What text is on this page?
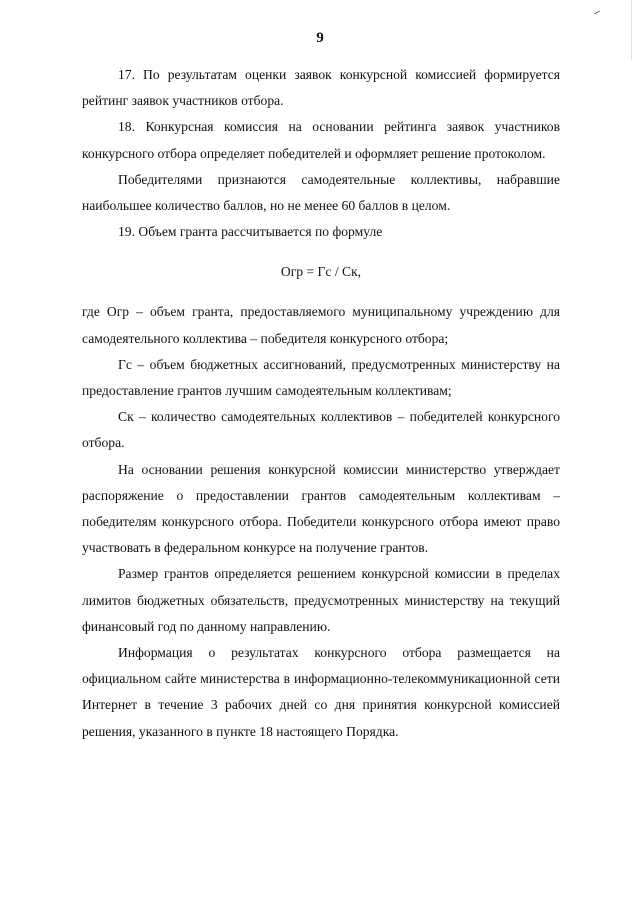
9

17. По результатам оценки заявок конкурсной комиссией формируется рейтинг заявок участников отбора.

18. Конкурсная комиссия на основании рейтинга заявок участников конкурсного отбора определяет победителей и оформляет решение протоколом.

Победителями признаются самодеятельные коллективы, набравшие наибольшее количество баллов, но не менее 60 баллов в целом.

19. Объем гранта рассчитывается по формуле

Огр = Гс / Ск,

где Огр – объем гранта, предоставляемого муниципальному учреждению для самодеятельного коллектива – победителя конкурсного отбора;

Гс – объем бюджетных ассигнований, предусмотренных министерству на предоставление грантов лучшим самодеятельным коллективам;

Ск – количество самодеятельных коллективов – победителей конкурсного отбора.

На основании решения конкурсной комиссии министерство утверждает распоряжение о предоставлении грантов самодеятельным коллективам – победителям конкурсного отбора. Победители конкурсного отбора имеют право участвовать в федеральном конкурсе на получение грантов.

Размер грантов определяется решением конкурсной комиссии в пределах лимитов бюджетных обязательств, предусмотренных министерству на текущий финансовый год по данному направлению.

Информация о результатах конкурсного отбора размещается на официальном сайте министерства в информационно-телекоммуникационной сети Интернет в течение 3 рабочих дней со дня принятия конкурсной комиссией решения, указанного в пункте 18 настоящего Порядка.
